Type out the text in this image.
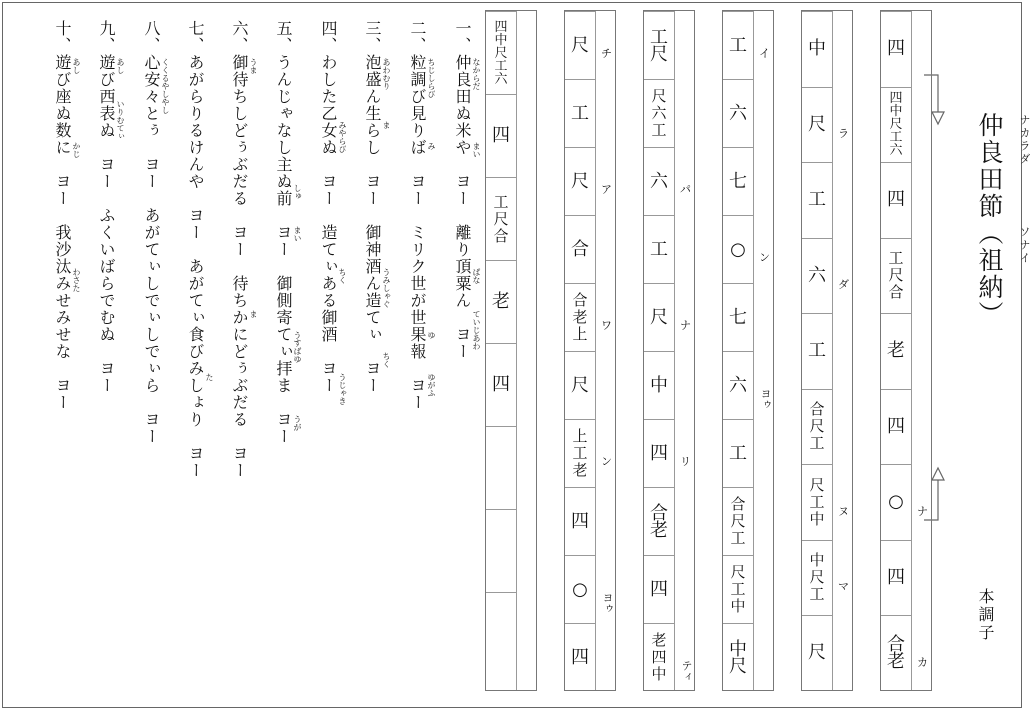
仲良田節（祖納） ナカラダ
ソナイ
本調子
四
四
中
尺
工
六
四
工
尺
合
老
四
○
四
合
老
ナ
カ
中
尺
工
六
工
合
尺
工
尺
工
中
中
尺
工
尺
ラ
ダ
ヌ
マ
工
六
七
○
七
六
工
合
尺
工
尺
工
中
中
尺
イ
ン
ヨゥ
工
尺
尺
六
工
六
工
尺
中
四
合
老
四
老
四
中
パ
ナ
リ
ティ
尺
工
尺
合
合
老
上
尺
上
工
老
四
○
四
チ
ア
ワ
ン
ヨゥ
四
中
尺
工
六
四
工
尺
合
老
四
一、仲良田ぬ米や　ヨー　離り頂粟ん　ヨー なからだ
まい
ぱな
ていじあわ
二、粒調び見りば　ヨー　ミリク世が世果報　ヨー ちじしらび
み
ゆ
ゆがふ
三、泡盛ん生らし　ヨー　御神酒ん造てぃ　ヨー あわむり
ま
うみしゃぐ
ちく
四、わした乙女ぬ　ヨー　造てぃある御酒　ヨー みやらび
ちく
うじゃき
五、うんじゃなし主ぬ前　ヨー　御側寄てぃ拝ま　ヨー しゅ
まい
うすばゆ
うが
六、御待ちしどぅぶだる　ヨー　待ちかにどぅぶだる　ヨー うま
ま
七、あがらりるけんや　ヨー　あがてぃ食びみしょり　ヨー た
八、心安々とぅ　ヨー　あがてぃしでぃしでぃら　ヨー くくるやしやし
九、遊び西表ぬ　ヨー　ふくいばらでむぬ　ヨー あし
いりむてぃ
十、遊び座ぬ数に　ヨー　我沙汰みせみせな　ヨー あし
かじ
わさた
